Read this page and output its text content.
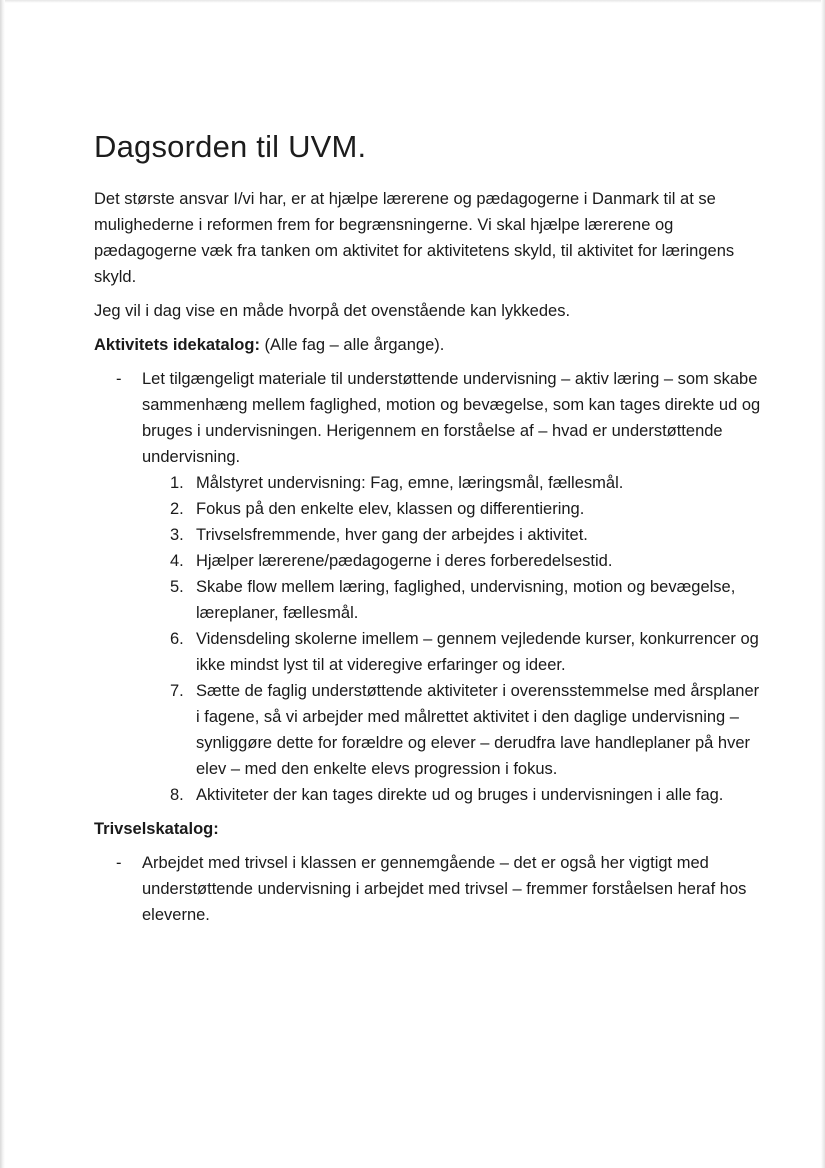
Dagsorden til UVM.

Det største ansvar I/vi har, er at hjælpe lærerene og pædagogerne i Danmark til at se mulighederne i reformen frem for begrænsningerne. Vi skal hjælpe lærerene og pædagogerne væk fra tanken om aktivitet for aktivitetens skyld, til aktivitet for læringens skyld.

Jeg vil i dag vise en måde hvorpå det ovenstående kan lykkedes.

Aktivitets idekatalog: (Alle fag – alle årgange).
- Let tilgængeligt materiale til understøttende undervisning – aktiv læring – som skabe sammenhæng mellem faglighed, motion og bevægelse, som kan tages direkte ud og bruges i undervisningen. Herigennem en forståelse af – hvad er understøttende undervisning.
1. Målstyret undervisning: Fag, emne, læringsmål, fællesmål.
2. Fokus på den enkelte elev, klassen og differentiering.
3. Trivselsfremmende, hver gang der arbejdes i aktivitet.
4. Hjælper lærerene/pædagogerne i deres forberedelsestid.
5. Skabe flow mellem læring, faglighed, undervisning, motion og bevægelse, læreplaner, fællesmål.
6. Vidensdeling skolerne imellem – gennem vejledende kurser, konkurrencer og ikke mindst lyst til at videregive erfaringer og ideer.
7. Sætte de faglig understøttende aktiviteter i overensstemmelse med årsplaner i fagene, så vi arbejder med målrettet aktivitet i den daglige undervisning – synliggøre dette for forældre og elever – derudfra lave handleplaner på hver elev – med den enkelte elevs progression i fokus.
8. Aktiviteter der kan tages direkte ud og bruges i undervisningen i alle fag.
Trivselskatalog:
- Arbejdet med trivsel i klassen er gennemgående – det er også her vigtigt med understøttende undervisning i arbejdet med trivsel – fremmer forståelsen heraf hos eleverne.
